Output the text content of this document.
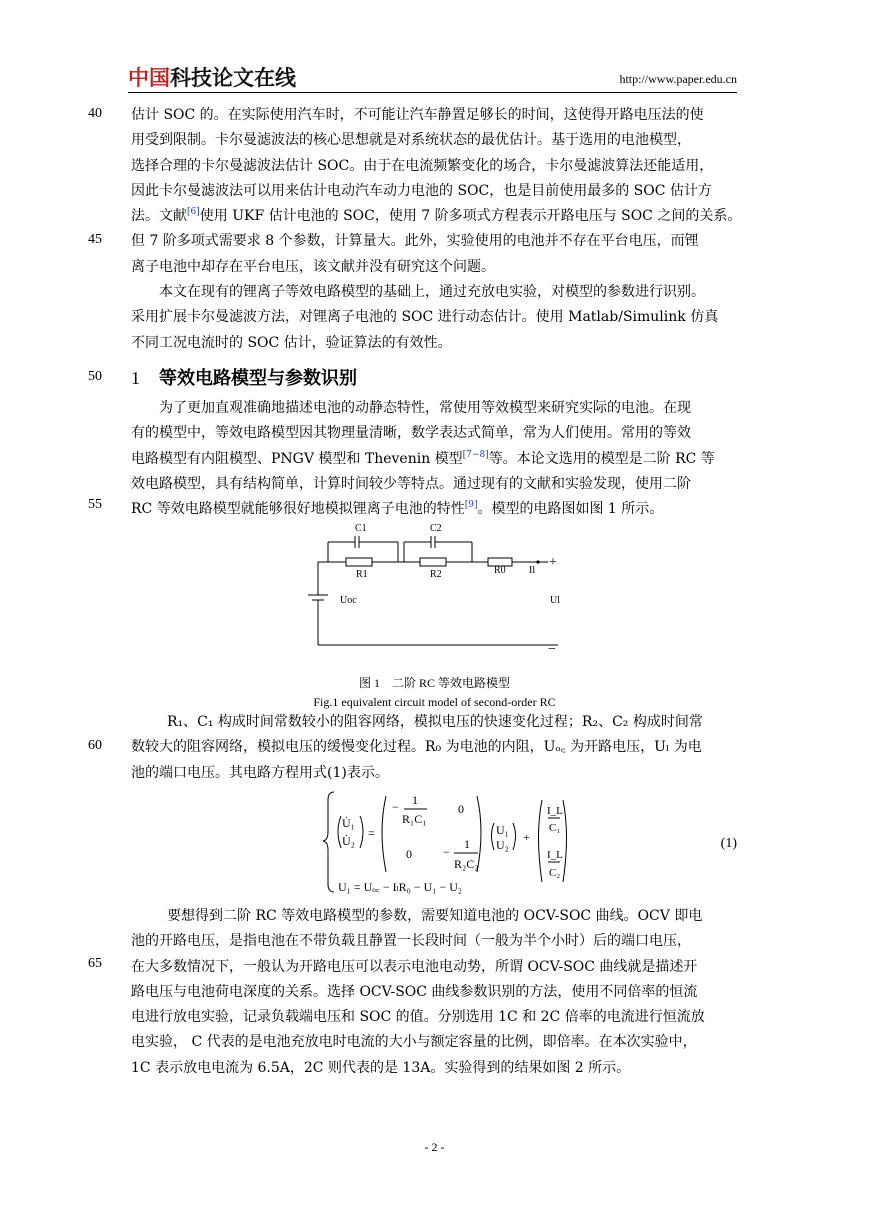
中国科技论文在线	http://www.paper.edu.cn
40
45
50
55
60
65
估计 SOC 的。在实际使用汽车时，不可能让汽车静置足够长的时间，这使得开路电压法的使
用受到限制。卡尔曼滤波法的核心思想就是对系统状态的最优估计。基于选用的电池模型，
选择合理的卡尔曼滤波法估计 SOC。由于在电流频繁变化的场合，卡尔曼滤波算法还能适用，
因此卡尔曼滤波法可以用来估计电动汽车动力电池的 SOC，也是目前使用最多的 SOC 估计方
法。文献[6]使用 UKF 估计电池的 SOC，使用 7 阶多项式方程表示开路电压与 SOC 之间的关系。
但 7 阶多项式需要求 8 个参数，计算量大。此外，实验使用的电池并不存在平台电压，而锂
离子电池中却存在平台电压，该文献并没有研究这个问题。
本文在现有的锂离子等效电路模型的基础上，通过充放电实验，对模型的参数进行识别。
采用扩展卡尔曼滤波方法，对锂离子电池的 SOC 进行动态估计。使用 Matlab/Simulink 仿真
不同工况电流时的 SOC 估计，验证算法的有效性。
1 等效电路模型与参数识别
为了更加直观准确地描述电池的动静态特性，常使用等效模型来研究实际的电池。在现
有的模型中，等效电路模型因其物理量清晰，数学表达式简单，常为人们使用。常用的等效
电路模型有内阻模型、PNGV 模型和 Thevenin 模型[7−8]等。本论文选用的模型是二阶 RC 等
效电路模型，具有结构简单，计算时间较少等特点。通过现有的文献和实验发现，使用二阶
RC 等效电路模型就能够很好地模拟锂离子电池的特性[9]。模型的电路图如图 1 所示。
C1	C2
R1	R2	R0 Il
+
Uoc	Ul
−
图 1　二阶 RC 等效电路模型
Fig.1 equivalent circuit model of second-order RC
R₁、C₁ 构成时间常数较小的阻容网络，模拟电压的快速变化过程；R₂、C₂ 构成时间常
数较大的阻容网络，模拟电压的缓慢变化过程。R₀ 为电池的内阻，Uₒ꜀ 为开路电压，Uₗ 为电
池的端口电压。其电路方程用式(1)表示。
U̇₁
U̇₂
=
− 1
R₁C₁
0
0	−
1
R₂C₂
U₁
U₂
+
I_L
C₁
I_L
C₂
U₁ = Uₒ꜀ − IₗR₀ − U₁ − U₂
(1)
要想得到二阶 RC 等效电路模型的参数，需要知道电池的 OCV-SOC 曲线。OCV 即电
池的开路电压，是指电池在不带负载且静置一长段时间（一般为半个小时）后的端口电压，
在大多数情况下，一般认为开路电压可以表示电池电动势，所谓 OCV-SOC 曲线就是描述开
路电压与电池荷电深度的关系。选择 OCV-SOC 曲线参数识别的方法，使用不同倍率的恒流
电进行放电实验，记录负载端电压和 SOC 的值。分别选用 1C 和 2C 倍率的电流进行恒流放
电实验， C 代表的是电池充放电时电流的大小与额定容量的比例，即倍率。在本次实验中，
1C 表示放电电流为 6.5A，2C 则代表的是 13A。实验得到的结果如图 2 所示。
- 2 -
